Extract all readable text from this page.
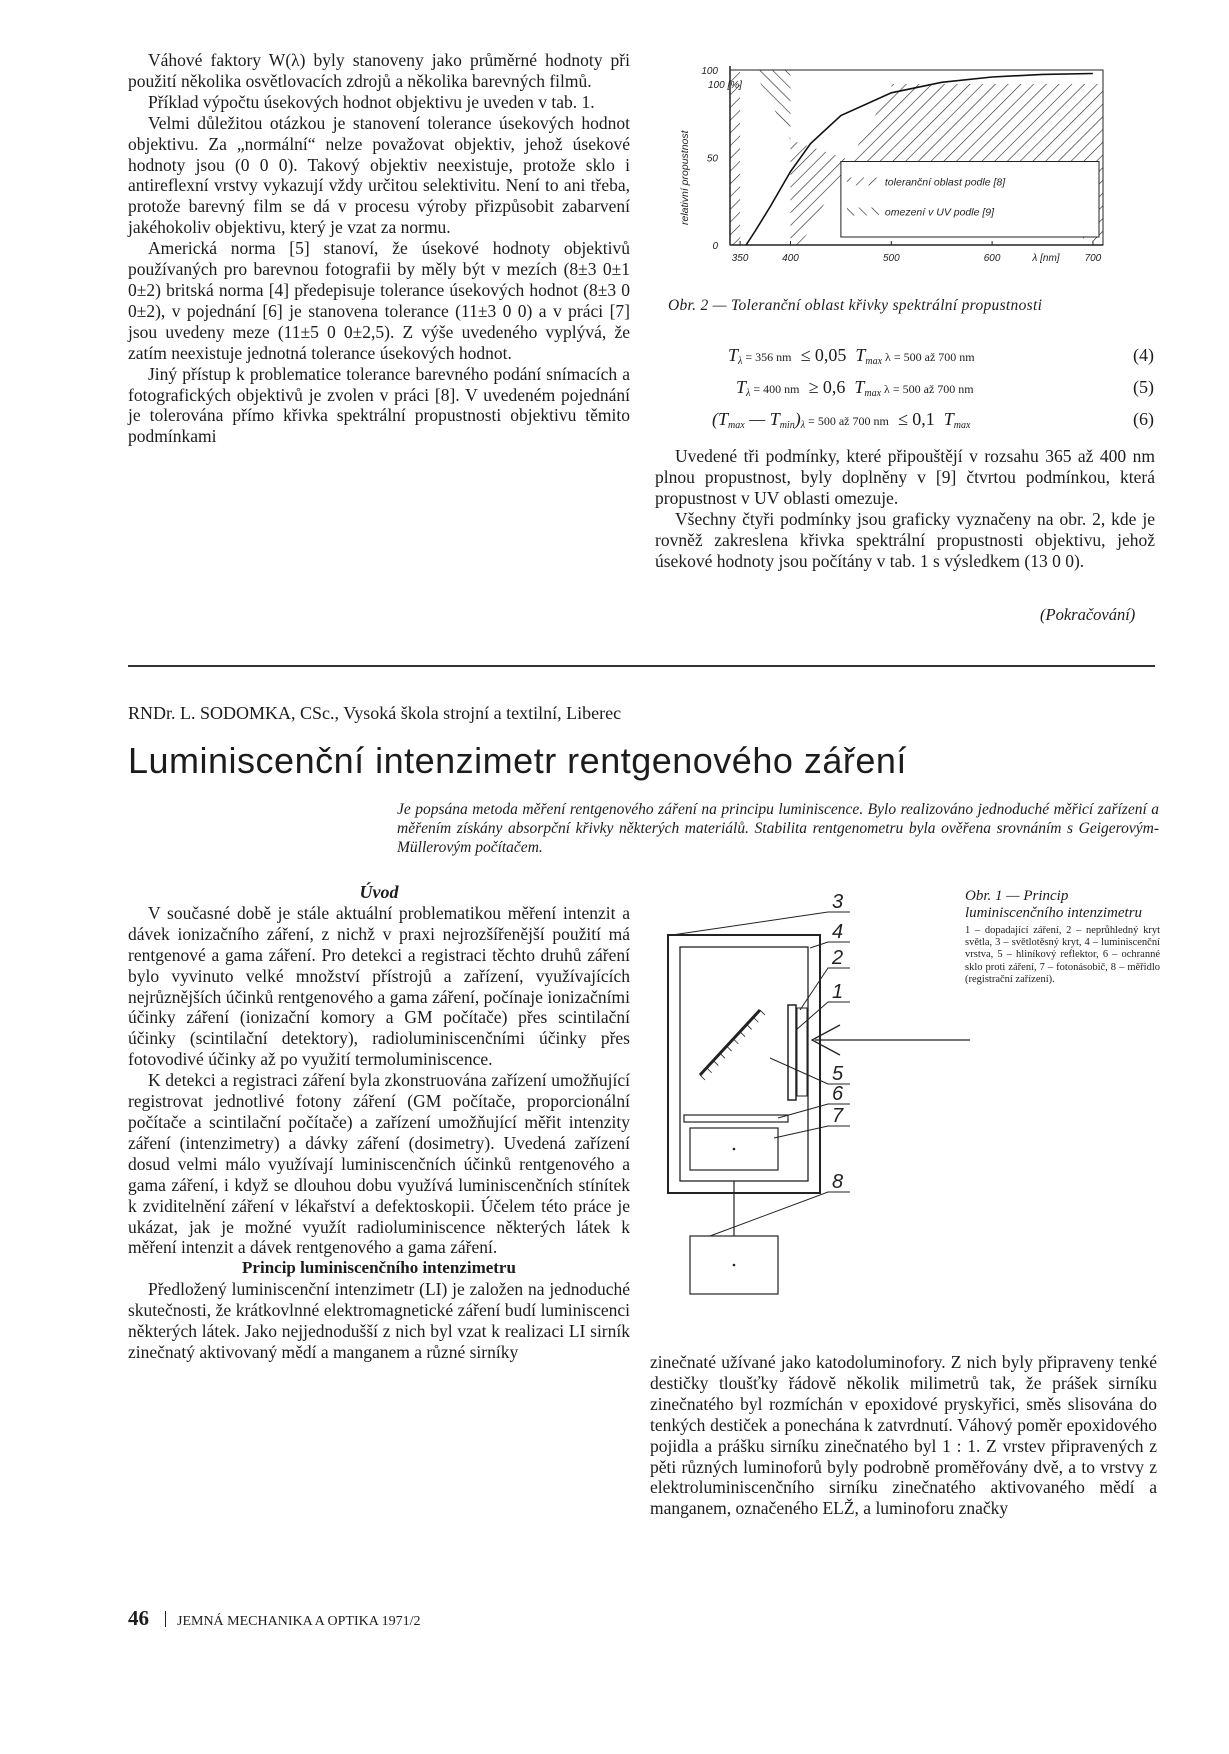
Váhové faktory W(λ) byly stanoveny jako průměrné hodnoty při použití několika osvětlovacích zdrojů a několika barevných filmů.

Příklad výpočtu úsekových hodnot objektivu je uveden v tab. 1.

Velmi důležitou otázkou je stanovení tolerance úsekových hodnot objektivu. Za „normální“ nelze považovat objektiv, jehož úsekové hodnoty jsou (0 0 0). Takový objektiv neexistuje, protože sklo i antireflexní vrstvy vykazují vždy určitou selektivitu. Není to ani třeba, protože barevný film se dá v procesu výroby přizpůsobit zabarvení jakéhokoliv objektivu, který je vzat za normu.

Americká norma [5] stanoví, že úsekové hodnoty objektivů používaných pro barevnou fotografii by měly být v mezích (8±3 0±1 0±2) britská norma [4] předepisuje tolerance úsekových hodnot (8±3 0 0±2), v pojednání [6] je stanovena tolerance (11±3 0 0) a v práci [7] jsou uvedeny meze (11±5 0 0±2,5). Z výše uvedeného vyplývá, že zatím neexistuje jednotná tolerance úsekových hodnot.

Jiný přístup k problematice tolerance barevného podání snímacích a fotografických objektivů je zvolen v práci [8]. V uvedeném pojednání je tolerována přímo křivka spektrální propustnosti objektivu těmito podmínkami

0
50
100
relativní propustnost
100 [%]
350	400	500	600	700
λ [nm]
toleranční oblast podle [8]
omezení v UV podle [9]
Obr. 2 — Toleranční oblast křivky spektrální propustnosti
$T_\lambda = 356$ nm  ≤ 0,05  $T_{max}$ λ = 500 až 700 nm	(4)
$T_\lambda = 400$ nm  ≥ 0,6  $T_{max}$ λ = 500 až 700 nm	(5)
($T_{max}$ — $T_{min})_\lambda = 500$ až 700 nm  ≤ 0,1  $T_{max}$	(6)

Uvedené tři podmínky, které připouštějí v rozsahu 365 až 400 nm plnou propustnost, byly doplněny v [9] čtvrtou podmínkou, která propustnost v UV oblasti omezuje.

Všechny čtyři podmínky jsou graficky vyznačeny na obr. 2, kde je rovněž zakreslena křivka spektrální propustnosti objektivu, jehož úsekové hodnoty jsou počítány v tab. 1 s výsledkem (13 0 0).

(Pokračování)
RNDr. L. SODOMKA, CSc., Vysoká škola strojní a textilní, Liberec
Luminiscenční intenzimetr rentgenového záření
Je popsána metoda měření rentgenového záření na principu luminiscence. Bylo realizováno jednoduché měřicí zařízení a měřením získány absorpční křivky některých materiálů. Stabilita rentgenometru byla ověřena srovnáním s Geigerovým-Müllerovým počítačem.

Úvod

V současné době je stále aktuální problematikou měření intenzit a dávek ionizačního záření, z nichž v praxi nejrozšířenější použití má rentgenové a gama záření. Pro detekci a registraci těchto druhů záření bylo vyvinuto velké množství přístrojů a zařízení, využívajících nejrůznějších účinků rentgenového a gama záření, počínaje ionizačními účinky záření (ionizační komory a GM počítače) přes scintilační účinky (scintilační detektory), radioluminiscenčními účinky přes fotovodivé účinky až po využití termoluminiscence.

K detekci a registraci záření byla zkonstruována zařízení umožňující registrovat jednotlivé fotony záření (GM počítače, proporcionální počítače a scintilační počítače) a zařízení umožňující měřit intenzity záření (intenzimetry) a dávky záření (dosimetry). Uvedená zařízení dosud velmi málo využívají luminiscenčních účinků rentgenového a gama záření, i když se dlouhou dobu využívá luminiscenčních stínítek k zviditelnění záření v lékařství a defektoskopii. Účelem této práce je ukázat, jak je možné využít radioluminiscence některých látek k měření intenzit a dávek rentgenového a gama záření.

Princip luminiscenčního intenzimetru

Předložený luminiscenční intenzimetr (LI) je založen na jednoduché skutečnosti, že krátkovlnné elektromagnetické záření budí luminiscenci některých látek. Jako nejjednodušší z nich byl vzat k realizaci LI sirník zinečnatý aktivovaný mědí a manganem a různé sirníky

3
4
2
1
5
6
7
8
Obr. 1 — Princip luminiscenčního intenzimetru
1 – dopadající záření, 2 – neprůhledný kryt světla, 3 – světlotěsný kryt, 4 – luminiscenční vrstva, 5 – hliníkový reflektor, 6 – ochranné sklo proti záření, 7 – fotonásobič, 8 – měřidlo (registrační zařízení).

zinečnaté užívané jako katodoluminofory. Z nich byly připraveny tenké destičky tloušťky řádově několik milimetrů tak, že prášek sirníku zinečnatého byl rozmíchán v epoxidové pryskyřici, směs slisována do tenkých destiček a ponechána k zatvrdnutí. Váhový poměr epoxidového pojidla a prášku sirníku zinečnatého byl 1 : 1. Z vrstev připravených z pěti různých luminoforů byly podrobně proměřovány dvě, a to vrstvy z elektroluminiscenčního sirníku zinečnatého aktivovaného mědí a manganem, označeného ELŽ, a luminoforu značky

46 JEMNÁ MECHANIKA A OPTIKA 1971/2
